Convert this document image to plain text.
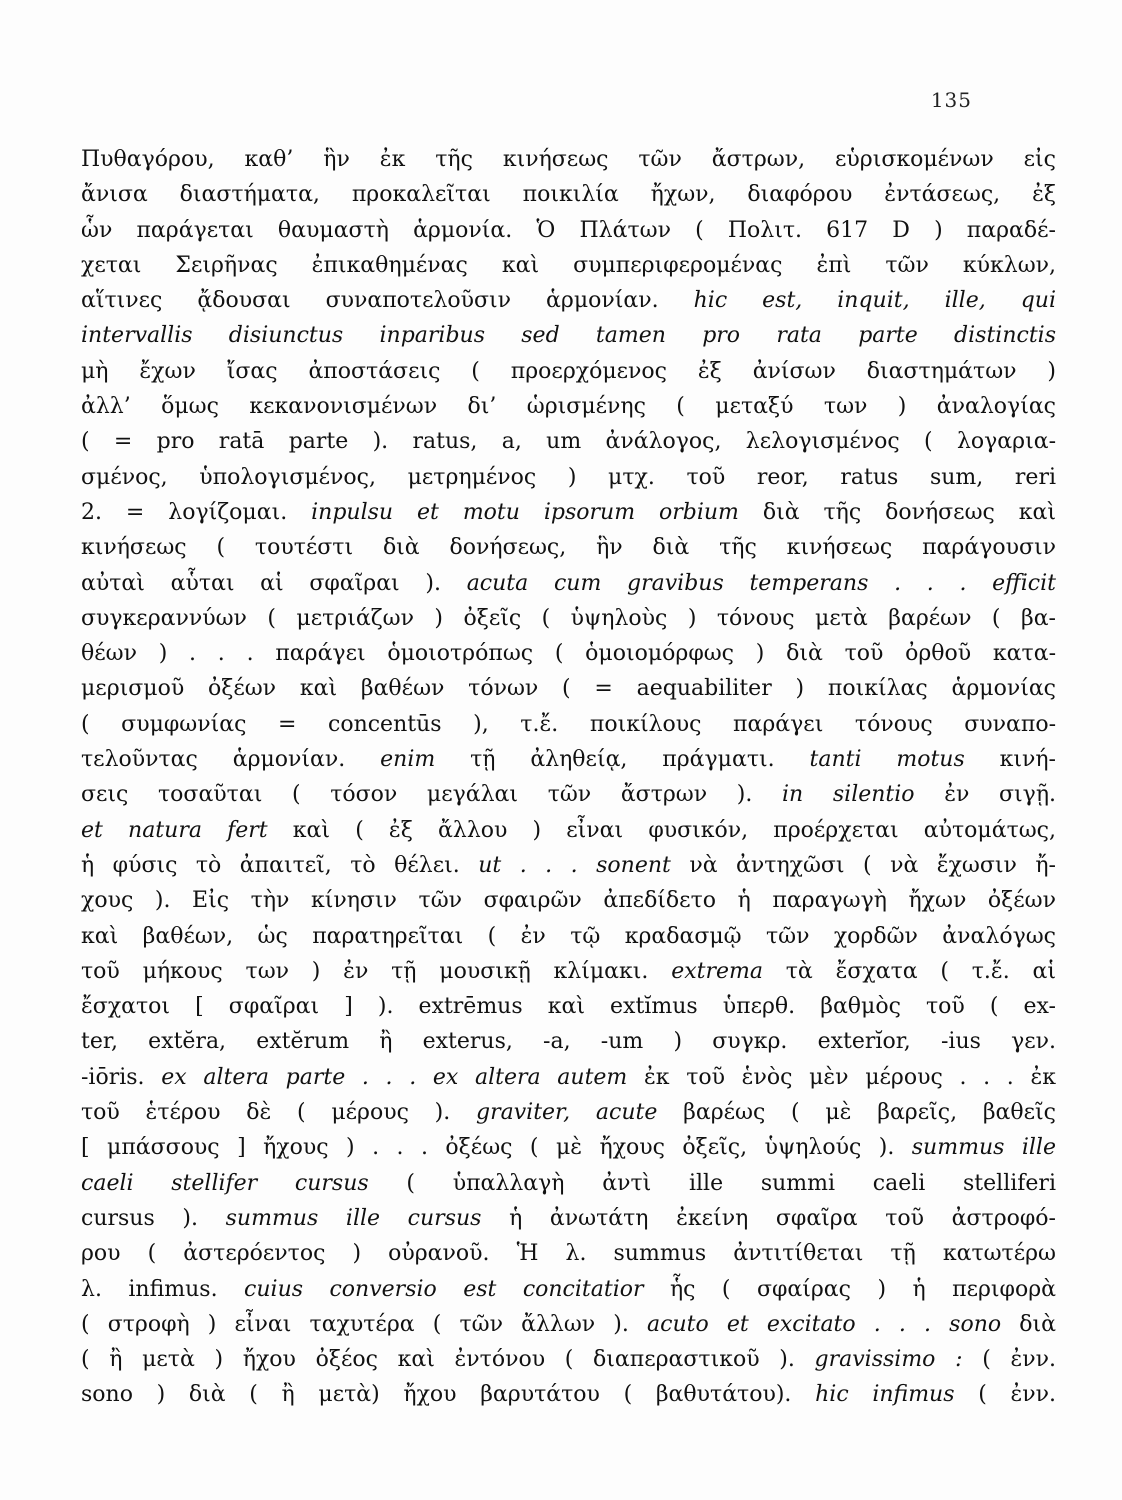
135
Πυθαγόρου, καθ’ ἣν ἐκ τῆς κινήσεως τῶν ἄστρων, εὑρισκομένων εἰς
ἄνισα διαστήματα, προκαλεῖται ποικιλία ἤχων, διαφόρου ἐντάσεως, ἐξ
ὧν παράγεται θαυμαστὴ ἁρμονία. Ὁ Πλάτων ( Πολιτ. 617 D ) παραδέ-
χεται Σειρῆνας ἐπικαθημένας καὶ συμπεριφερομένας ἐπὶ τῶν κύκλων,
αἵτινες ᾄδουσαι συναποτελοῦσιν ἁρμονίαν. hic est, inquit, ille, qui
intervallis disiunctus inparibus sed tamen pro rata parte distinctis
μὴ ἔχων ἴσας ἀποστάσεις ( προερχόμενος ἐξ ἀνίσων διαστημάτων )
ἀλλ’ ὅμως κεκανονισμένων δι’ ὡρισμένης ( μεταξύ των ) ἀναλογίας
( = pro ratā parte ). ratus, a, um ἀνάλογος, λελογισμένος ( λογαρια-
σμένος, ὑπολογισμένος, μετρημένος ) μτχ. τοῦ reor, ratus sum, reri
2. = λογίζομαι. inpulsu et motu ipsorum orbium διὰ τῆς δονήσεως καὶ
κινήσεως ( τουτέστι διὰ δονήσεως, ἣν διὰ τῆς κινήσεως παράγουσιν
αὐταὶ αὗται αἱ σφαῖραι ). acuta cum gravibus temperans . . . efficit
συγκεραννύων ( μετριάζων ) ὀξεῖς ( ὑψηλοὺς ) τόνους μετὰ βαρέων ( βα-
θέων ) . . . παράγει ὁμοιοτρόπως ( ὁμοιομόρφως ) διὰ τοῦ ὀρθοῦ κατα-
μερισμοῦ ὀξέων καὶ βαθέων τόνων ( = aequabiliter ) ποικίλας ἁρμονίας
( συμφωνίας = concentūs ), τ.ἔ. ποικίλους παράγει τόνους συναπο-
τελοῦντας ἁρμονίαν. enim τῇ ἀληθείᾳ, πράγματι. tanti motus κινή-
σεις τοσαῦται ( τόσον μεγάλαι τῶν ἄστρων ). in silentio ἐν σιγῇ.
et natura fert καὶ ( ἐξ ἄλλου ) εἶναι φυσικόν, προέρχεται αὐτομάτως,
ἡ φύσις τὸ ἀπαιτεῖ, τὸ θέλει. ut . . . sonent νὰ ἀντηχῶσι ( νὰ ἔχωσιν ἤ-
χους ). Εἰς τὴν κίνησιν τῶν σφαιρῶν ἀπεδίδετο ἡ παραγωγὴ ἤχων ὀξέων
καὶ βαθέων, ὡς παρατηρεῖται ( ἐν τῷ κραδασμῷ τῶν χορδῶν ἀναλόγως
τοῦ μήκους των ) ἐν τῇ μουσικῇ κλίμακι. extrema τὰ ἔσχατα ( τ.ἔ. αἱ
ἔσχατοι [ σφαῖραι ] ). extrēmus καὶ extĭmus ὑπερθ. βαθμὸς τοῦ ( ex-
ter, extĕra, extĕrum ἢ exterus, -a, -um ) συγκρ. exterĭor, -ius γεν.
-iōris. ex altera parte . . . ex altera autem ἐκ τοῦ ἑνὸς μὲν μέρους . . . ἐκ
τοῦ ἑτέρου δὲ ( μέρους ). graviter, acute βαρέως ( μὲ βαρεῖς, βαθεῖς
[ μπάσσους ] ἤχους ) . . . ὀξέως ( μὲ ἤχους ὀξεῖς, ὑψηλούς ). summus ille
caeli stellifer cursus ( ὑπαλλαγὴ ἀντὶ ille summi caeli stelliferi
cursus ). summus ille cursus ἡ ἀνωτάτη ἐκείνη σφαῖρα τοῦ ἀστροφό-
ρου ( ἀστερόεντος ) οὐρανοῦ. Ἡ λ. summus ἀντιτίθεται τῇ κατωτέρω
λ. infimus. cuius conversio est concitatior ἧς ( σφαίρας ) ἡ περιφορὰ
( στροφὴ ) εἶναι ταχυτέρα ( τῶν ἄλλων ). acuto et excitato . . . sono διὰ
( ἢ μετὰ ) ἤχου ὀξέος καὶ ἐντόνου ( διαπεραστικοῦ ). gravissimo : ( ἐνν.
sono ) διὰ ( ἢ μετὰ) ἤχου βαρυτάτου ( βαθυτάτου). hic infimus ( ἐνν.
